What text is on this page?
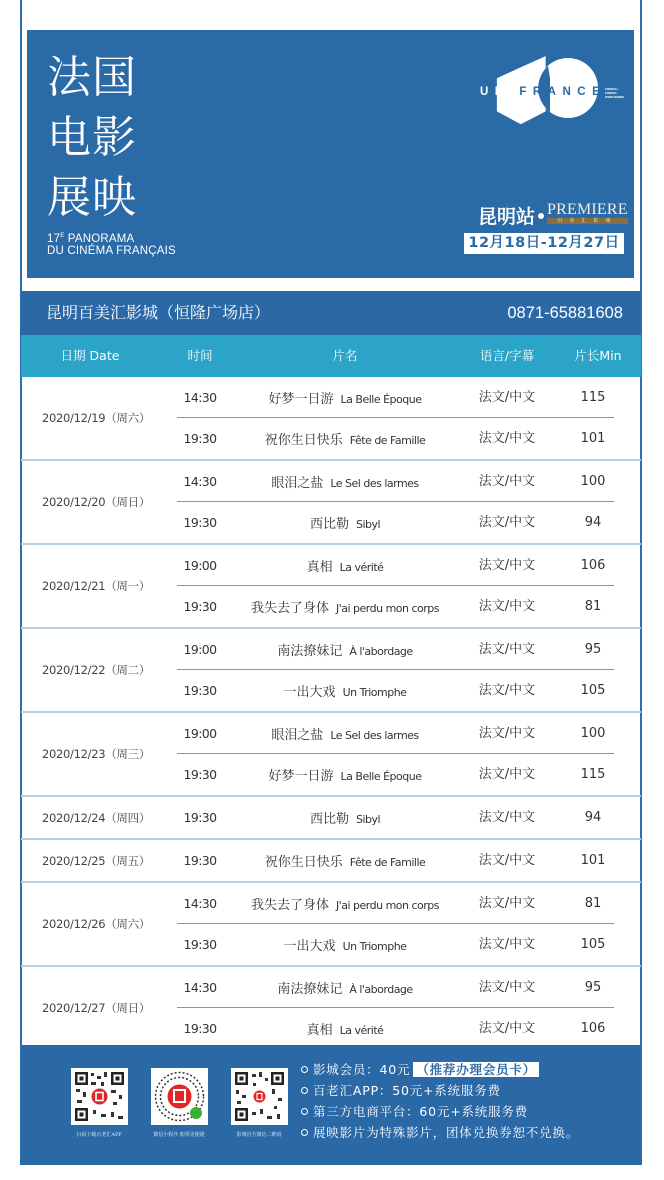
法国
电影
展映
$17^E$ PANORAMA
DU CINÉMA FRANÇAIS
UNIFRANCE
FRENCH
CINEMA
WORLDWIDE
昆明站 PREMIERE
百美汇影城
12月18日-12月27日
昆明百美汇影城（恒隆广场店）	0871-65881608
日期 Date	时间	片名	语言/字幕	片长Min
2020/12/19（周六）
14:30	好梦一日游 La Belle Époque	法文/中文	115
19:30	祝你生日快乐 Fête de Famille	法文/中文	101
2020/12/20（周日）
14:30	眼泪之盐 Le Sel des larmes	法文/中文	100
19:30	西比勒 Sibyl	法文/中文	94
2020/12/21（周一）
19:00	真相 La vérité	法文/中文	106
19:30	我失去了身体 J'ai perdu mon corps	法文/中文	81
2020/12/22（周二）
19:00	南法撩妹记 À l'abordage	法文/中文	95
19:30	一出大戏 Un Triomphe	法文/中文	105
2020/12/23（周三）
19:00	眼泪之盐 Le Sel des larmes	法文/中文	100
19:30	好梦一日游 La Belle Époque	法文/中文	115
2020/12/24（周四）	19:30	西比勒 Sibyl	法文/中文	94
2020/12/25（周五）	19:30	祝你生日快乐 Fête de Famille	法文/中文	101
2020/12/26（周六）
14:30	我失去了身体 J'ai perdu mon corps	法文/中文	81
19:30	一出大戏 Un Triomphe	法文/中文	105
2020/12/27（周日）
14:30	南法撩妹记 À l'abordage	法文/中文	95
19:30	真相 La vérité	法文/中文	106
扫码下载百老汇APP	微信小程序 购票更便捷	影城官方微信二维码
影城会员：40元 （推荐办理会员卡）
百老汇APP：50元+系统服务费
第三方电商平台：60元+系统服务费
展映影片为特殊影片，团体兑换券恕不兑换。
